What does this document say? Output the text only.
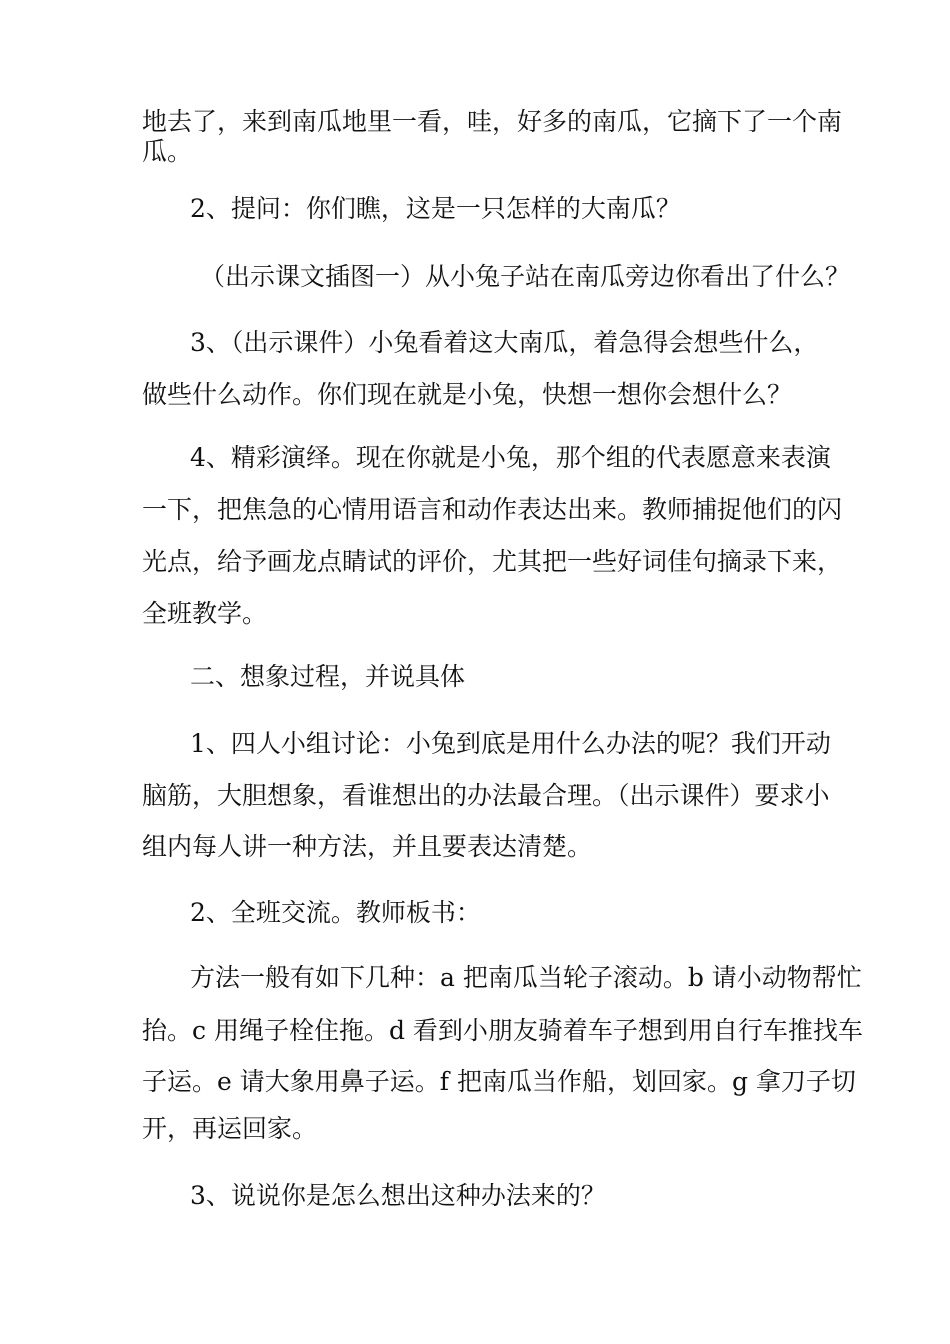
地去了，来到南瓜地里一看，哇，好多的南瓜，它摘下了一个南
瓜。
2、提问：你们瞧，这是一只怎样的大南瓜？
（出示课文插图一）从小兔子站在南瓜旁边你看出了什么？
3、（出示课件）小兔看着这大南瓜，着急得会想些什么，
做些什么动作。你们现在就是小兔，快想一想你会想什么？
4、精彩演绎。现在你就是小兔，那个组的代表愿意来表演
一下，把焦急的心情用语言和动作表达出来。教师捕捉他们的闪
光点，给予画龙点睛试的评价，尤其把一些好词佳句摘录下来，
全班教学。
二、想象过程，并说具体
1、四人小组讨论：小兔到底是用什么办法的呢？我们开动
脑筋，大胆想象，看谁想出的办法最合理。（出示课件）要求小
组内每人讲一种方法，并且要表达清楚。
2、全班交流。教师板书：
方法一般有如下几种：a 把南瓜当轮子滚动。b 请小动物帮忙
抬。c 用绳子栓住拖。d 看到小朋友骑着车子想到用自行车推找车
子运。e 请大象用鼻子运。f 把南瓜当作船，划回家。g 拿刀子切
开，再运回家。
3、说说你是怎么想出这种办法来的？
